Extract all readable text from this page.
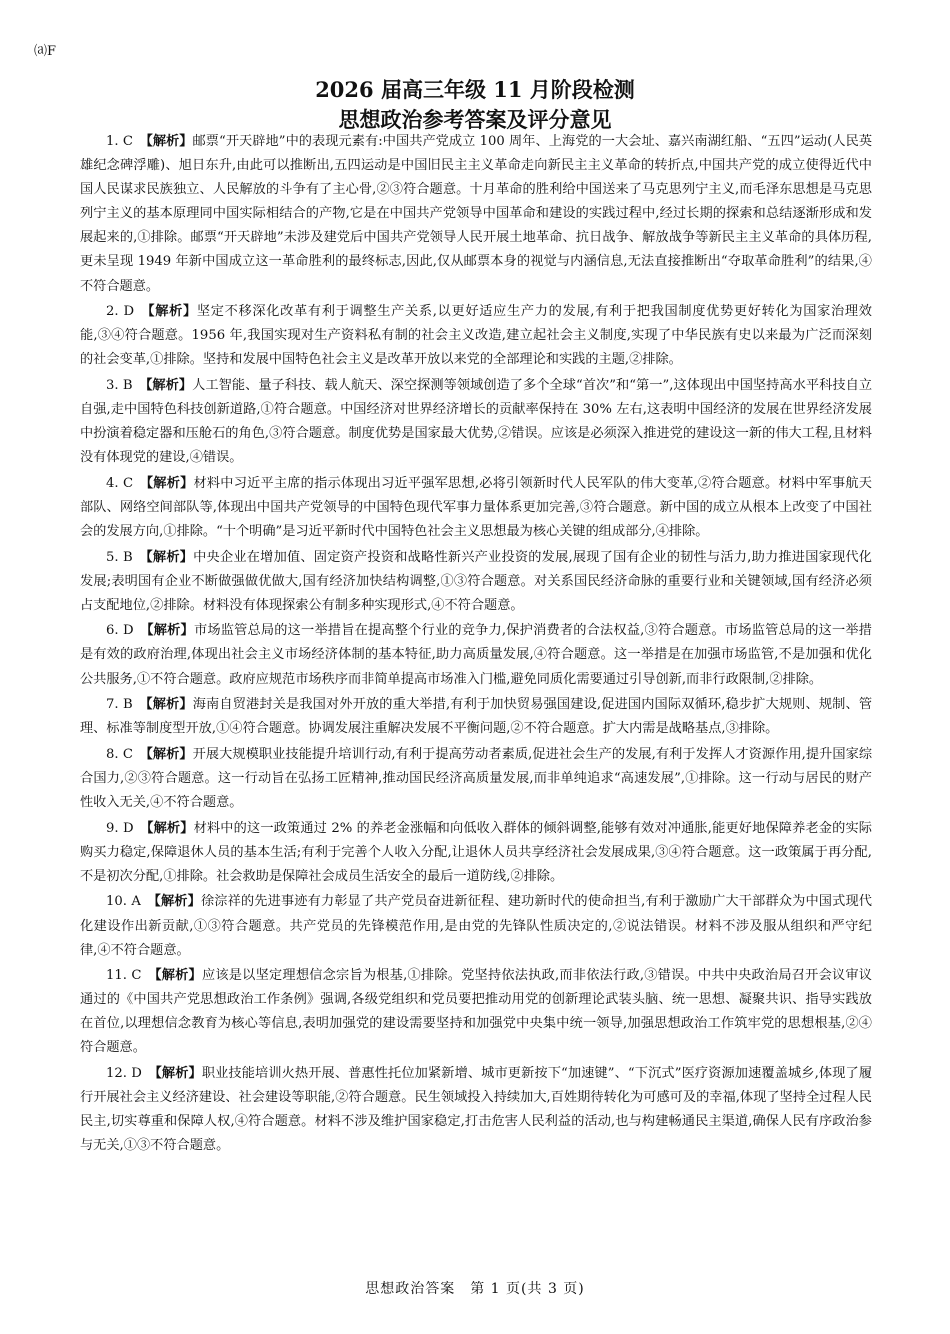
⒜F
2026 届高三年级 11 月阶段检测
思想政治参考答案及评分意见

1. C  【解析】邮票“开天辟地”中的表现元素有:中国共产党成立 100 周年、上海党的一大会址、嘉兴南湖红船、“五四”运动(人民英雄纪念碑浮雕)、旭日东升,由此可以推断出,五四运动是中国旧民主主义革命走向新民主主义革命的转折点,中国共产党的成立使得近代中国人民谋求民族独立、人民解放的斗争有了主心骨,②③符合题意。十月革命的胜利给中国送来了马克思列宁主义,而毛泽东思想是马克思列宁主义的基本原理同中国实际相结合的产物,它是在中国共产党领导中国革命和建设的实践过程中,经过长期的探索和总结逐渐形成和发展起来的,①排除。邮票“开天辟地”未涉及建党后中国共产党领导人民开展土地革命、抗日战争、解放战争等新民主主义革命的具体历程,更未呈现 1949 年新中国成立这一革命胜利的最终标志,因此,仅从邮票本身的视觉与内涵信息,无法直接推断出“夺取革命胜利”的结果,④不符合题意。

2. D  【解析】坚定不移深化改革有利于调整生产关系,以更好适应生产力的发展,有利于把我国制度优势更好转化为国家治理效能,③④符合题意。1956 年,我国实现对生产资料私有制的社会主义改造,建立起社会主义制度,实现了中华民族有史以来最为广泛而深刻的社会变革,①排除。坚持和发展中国特色社会主义是改革开放以来党的全部理论和实践的主题,②排除。

3. B  【解析】人工智能、量子科技、载人航天、深空探测等领域创造了多个全球“首次”和“第一”,这体现出中国坚持高水平科技自立自强,走中国特色科技创新道路,①符合题意。中国经济对世界经济增长的贡献率保持在 30% 左右,这表明中国经济的发展在世界经济发展中扮演着稳定器和压舱石的角色,③符合题意。制度优势是国家最大优势,②错误。应该是必须深入推进党的建设这一新的伟大工程,且材料没有体现党的建设,④错误。

4. C  【解析】材料中习近平主席的指示体现出习近平强军思想,必将引领新时代人民军队的伟大变革,②符合题意。材料中军事航天部队、网络空间部队等,体现出中国共产党领导的中国特色现代军事力量体系更加完善,③符合题意。新中国的成立从根本上改变了中国社会的发展方向,①排除。“十个明确”是习近平新时代中国特色社会主义思想最为核心关键的组成部分,④排除。

5. B  【解析】中央企业在增加值、固定资产投资和战略性新兴产业投资的发展,展现了国有企业的韧性与活力,助力推进国家现代化发展;表明国有企业不断做强做优做大,国有经济加快结构调整,①③符合题意。对关系国民经济命脉的重要行业和关键领域,国有经济必须占支配地位,②排除。材料没有体现探索公有制多种实现形式,④不符合题意。

6. D  【解析】市场监管总局的这一举措旨在提高整个行业的竞争力,保护消费者的合法权益,③符合题意。市场监管总局的这一举措是有效的政府治理,体现出社会主义市场经济体制的基本特征,助力高质量发展,④符合题意。这一举措是在加强市场监管,不是加强和优化公共服务,①不符合题意。政府应规范市场秩序而非简单提高市场准入门槛,避免同质化需要通过引导创新,而非行政限制,②排除。

7. B  【解析】海南自贸港封关是我国对外开放的重大举措,有利于加快贸易强国建设,促进国内国际双循环,稳步扩大规则、规制、管理、标准等制度型开放,①④符合题意。协调发展注重解决发展不平衡问题,②不符合题意。扩大内需是战略基点,③排除。

8. C  【解析】开展大规模职业技能提升培训行动,有利于提高劳动者素质,促进社会生产的发展,有利于发挥人才资源作用,提升国家综合国力,②③符合题意。这一行动旨在弘扬工匠精神,推动国民经济高质量发展,而非单纯追求“高速发展”,①排除。这一行动与居民的财产性收入无关,④不符合题意。

9. D  【解析】材料中的这一政策通过 2% 的养老金涨幅和向低收入群体的倾斜调整,能够有效对冲通胀,能更好地保障养老金的实际购买力稳定,保障退休人员的基本生活;有利于完善个人收入分配,让退休人员共享经济社会发展成果,③④符合题意。这一政策属于再分配,不是初次分配,①排除。社会救助是保障社会成员生活安全的最后一道防线,②排除。

10. A  【解析】徐淙祥的先进事迹有力彰显了共产党员奋进新征程、建功新时代的使命担当,有利于激励广大干部群众为中国式现代化建设作出新贡献,①③符合题意。共产党员的先锋模范作用,是由党的先锋队性质决定的,②说法错误。材料不涉及服从组织和严守纪律,④不符合题意。

11. C  【解析】应该是以坚定理想信念宗旨为根基,①排除。党坚持依法执政,而非依法行政,③错误。中共中央政治局召开会议审议通过的《中国共产党思想政治工作条例》强调,各级党组织和党员要把推动用党的创新理论武装头脑、统一思想、凝聚共识、指导实践放在首位,以理想信念教育为核心等信息,表明加强党的建设需要坚持和加强党中央集中统一领导,加强思想政治工作筑牢党的思想根基,②④符合题意。

12. D  【解析】职业技能培训火热开展、普惠性托位加紧新增、城市更新按下“加速键”、“下沉式”医疗资源加速覆盖城乡,体现了履行开展社会主义经济建设、社会建设等职能,②符合题意。民生领域投入持续加大,百姓期待转化为可感可及的幸福,体现了坚持全过程人民民主,切实尊重和保障人权,④符合题意。材料不涉及维护国家稳定,打击危害人民利益的活动,也与构建畅通民主渠道,确保人民有序政治参与无关,①③不符合题意。

思想政治答案　第 1 页(共 3 页)
